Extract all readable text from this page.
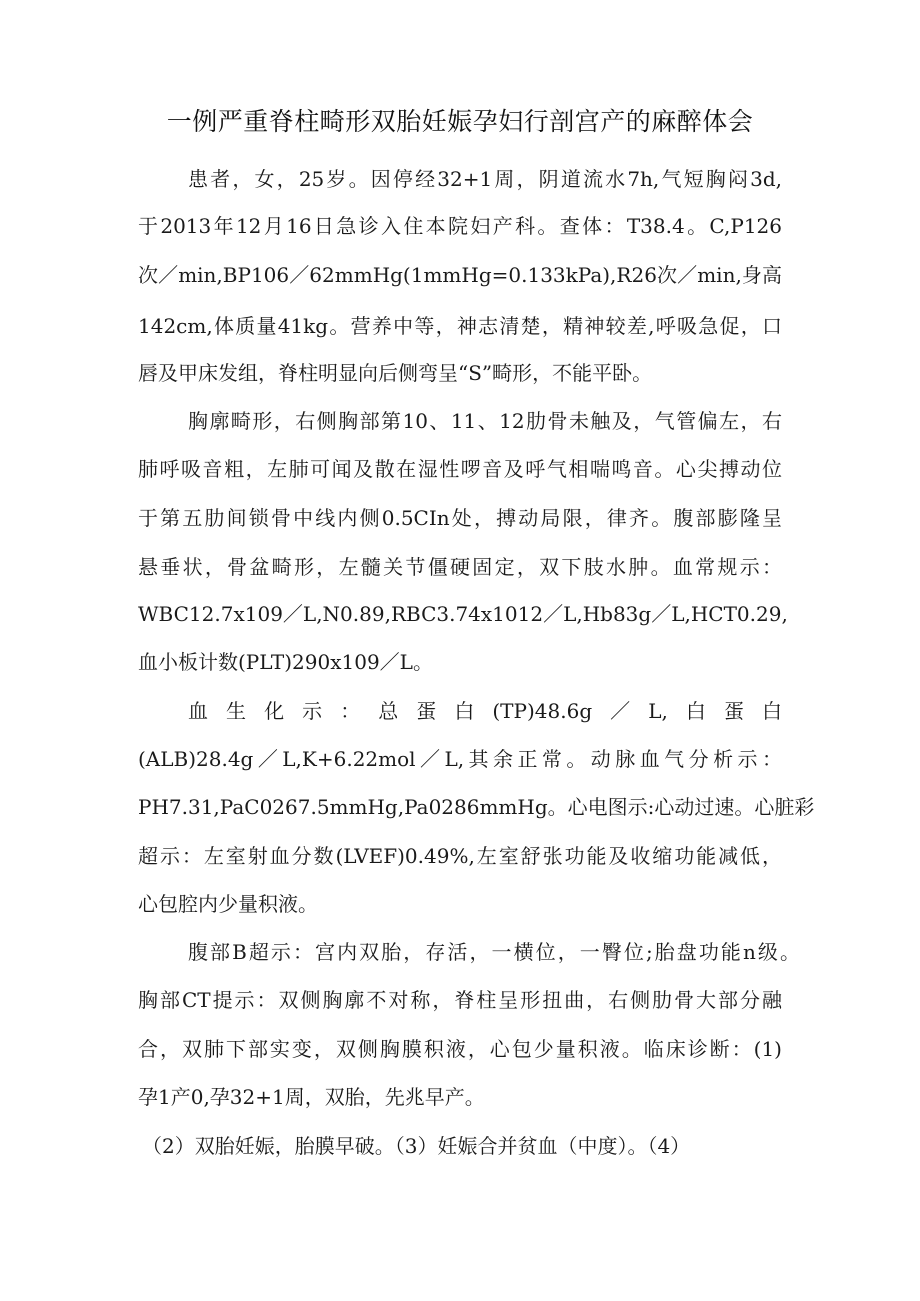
一例严重脊柱畸形双胎妊娠孕妇行剖宫产的麻醉体会
患者，女，25岁。因停经32+1周，阴道流水7h,气短胸闷3d,
于2013年12月16日急诊入住本院妇产科。查体：T38.4。C,P126
次／min,BP106／62mmHg(1mmHg=0.133kPa),R26次／min,身高
142cm,体质量41kg。营养中等，神志清楚，精神较差,呼吸急促，口
唇及甲床发组，脊柱明显向后侧弯呈“S”畸形，不能平卧。
胸廓畸形，右侧胸部第10、11、12肋骨未触及，气管偏左，右
肺呼吸音粗，左肺可闻及散在湿性啰音及呼气相喘鸣音。心尖搏动位
于第五肋间锁骨中线内侧0.5CIn处，搏动局限，律齐。腹部膨隆呈
悬垂状，骨盆畸形，左髓关节僵硬固定，双下肢水肿。血常规示：
WBC12.7x109／L,N0.89,RBC3.74x1012／L,Hb83g／L,HCT0.29,
血小板计数(PLT)290x109／L。
血生化示：总蛋白(TP)48.6g／L,白蛋白
(ALB)28.4g／L,K+6.22mol／L,其余正常。动脉血气分析示：
PH7.31,PaC0267.5mmHg,Pa0286mmHg。心电图示:心动过速。心脏彩
超示：左室射血分数(LVEF)0.49%,左室舒张功能及收缩功能减低，
心包腔内少量积液。
腹部B超示：宫内双胎，存活，一横位，一臀位;胎盘功能n级。
胸部CT提示：双侧胸廓不对称，脊柱呈形扭曲，右侧肋骨大部分融
合，双肺下部实变，双侧胸膜积液，心包少量积液。临床诊断：(1)
孕1产0,孕32+1周，双胎，先兆早产。
（2）双胎妊娠，胎膜早破。（3）妊娠合并贫血（中度）。（4）
